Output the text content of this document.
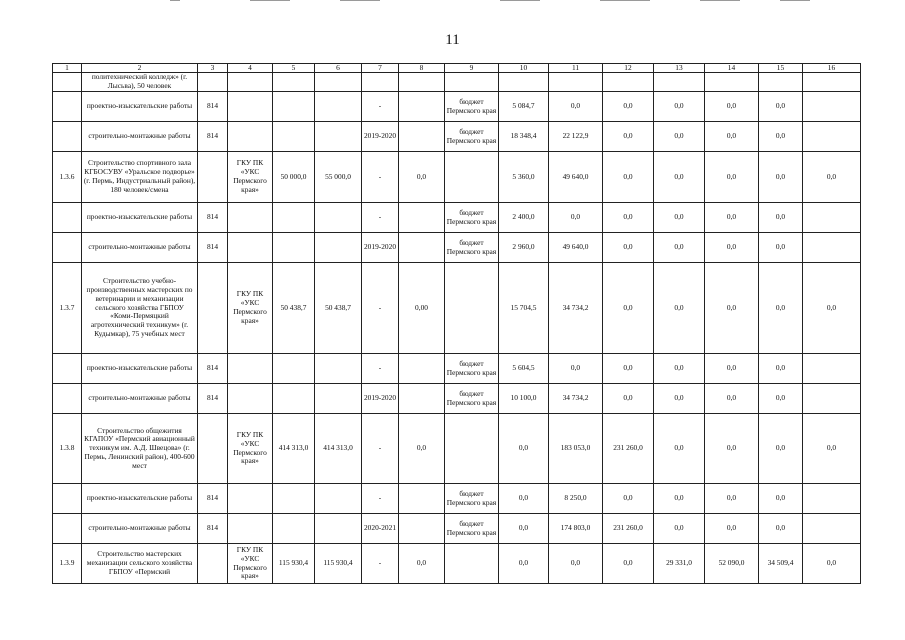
11
1	2	3	4	5	6	7	8	9	10	11	12	13	14	15	16
	политехнический колледж» (г. Лысьва), 50 человек														
	проектно-изыскательские работы	814				-		бюджет Пермского края	5 084,7	0,0	0,0	0,0	0,0	0,0	
	строительно-монтажные работы	814				2019-2020		бюджет Пермского края	18 348,4	22 122,9	0,0	0,0	0,0	0,0	
1.3.6	Строительство спортивного зала КГБОСУВУ «Уральское подворье» (г. Пермь, Индустриальный район), 180 человек/смена		ГКУ ПК «УКС Пермского края»	50 000,0	55 000,0	-	0,0		5 360,0	49 640,0	0,0	0,0	0,0	0,0	0,0
	проектно-изыскательские работы	814				-		бюджет Пермского края	2 400,0	0,0	0,0	0,0	0,0	0,0	
	строительно-монтажные работы	814				2019-2020		бюджет Пермского края	2 960,0	49 640,0	0,0	0,0	0,0	0,0	
1.3.7	Строительство учебно-производственных мастерских по ветеринарии и механизации сельского хозяйства ГБПОУ «Коми-Пермяцкий агротехнический техникум» (г. Кудымкар), 75 учебных мест		ГКУ ПК «УКС Пермского края»	50 438,7	50 438,7	-	0,00		15 704,5	34 734,2	0,0	0,0	0,0	0,0	0,0
	проектно-изыскательские работы	814				-		бюджет Пермского края	5 604,5	0,0	0,0	0,0	0,0	0,0	
	строительно-монтажные работы	814				2019-2020		бюджет Пермского края	10 100,0	34 734,2	0,0	0,0	0,0	0,0	
1.3.8	Строительство общежития КГАПОУ «Пермский авиационный техникум им. А.Д. Швецова» (г. Пермь, Ленинский район), 400-600 мест		ГКУ ПК «УКС Пермского края»	414 313,0	414 313,0	-	0,0		0,0	183 053,0	231 260,0	0,0	0,0	0,0	0,0
	проектно-изыскательские работы	814				-		бюджет Пермского края	0,0	8 250,0	0,0	0,0	0,0	0,0	
	строительно-монтажные работы	814				2020-2021		бюджет Пермского края	0,0	174 803,0	231 260,0	0,0	0,0	0,0	
1.3.9	Строительство мастерских механизации сельского хозяйства ГБПОУ «Пермский		ГКУ ПК «УКС Пермского края»	115 930,4	115 930,4	-	0,0		0,0	0,0	0,0	29 331,0	52 090,0	34 509,4	0,0
